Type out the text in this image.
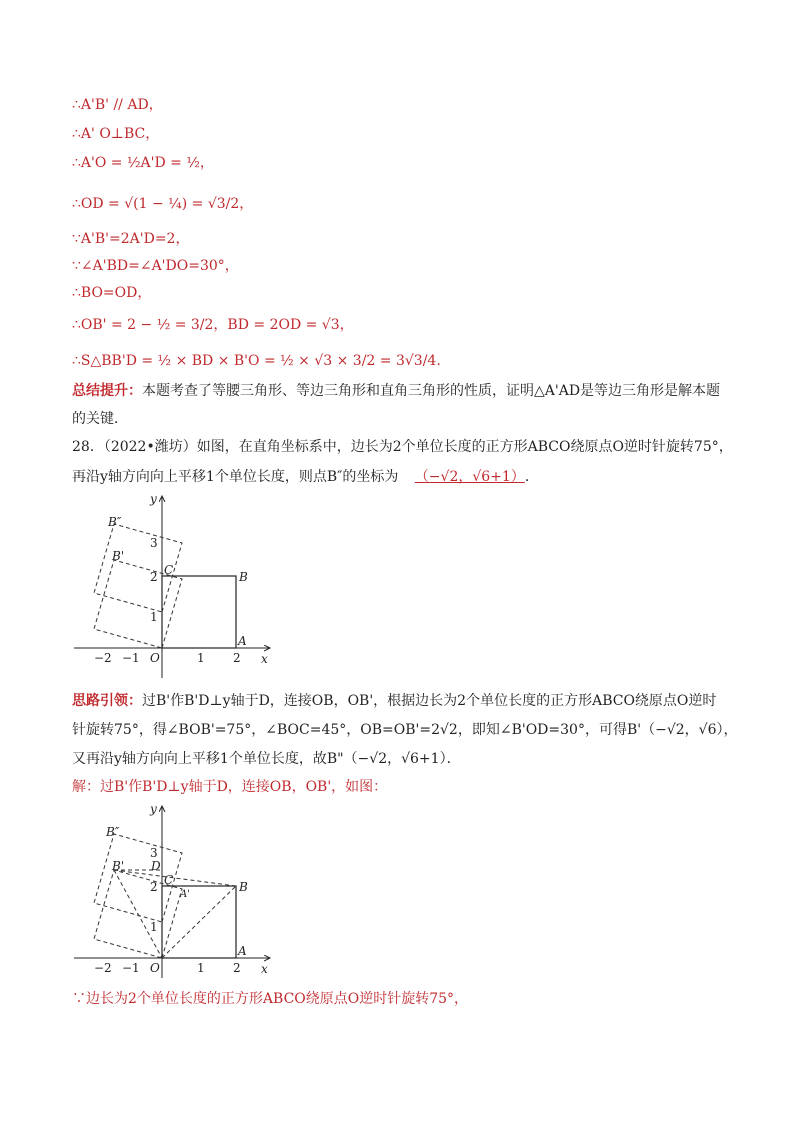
∴A'B' // AD，
∴A' O⊥BC，
∴A'O = ½A'D = ½，
∴OD = √(1 − ¼) = √3/2，
∵A'B'=2A'D=2，
∵∠A'BD=∠A'DO=30°，
∴BO=OD，
∴OB' = 2 − ½ = 3/2，BD = 2OD = √3，
∴S△BB'D = ½ × BD × B'O = ½ × √3 × 3/2 = 3√3/4.
总结提升：本题考查了等腰三角形、等边三角形和直角三角形的性质，证明△A'AD是等边三角形是解本题的关键．
28．（2022•潍坊）如图，在直角坐标系中，边长为2个单位长度的正方形ABCO绕原点O逆时针旋转75°，
再沿y轴方向向上平移1个单位长度，则点B″的坐标为 （−√2，√6+1）．
−2 −1	1 2
1
2
3
x
y
O
A
B
C
B'
B″
思路引领：过B'作B'D⊥y轴于D，连接OB，OB'，根据边长为2个单位长度的正方形ABCO绕原点O逆时
针旋转75°，得∠BOB'=75°，∠BOC=45°，OB=OB'=2√2，即知∠B'OD=30°，可得B'（−√2，√6），
又再沿y轴方向向上平移1个单位长度，故B"（−√2，√6+1）．
解：过B'作B'D⊥y轴于D，连接OB，OB'，如图：
−2 −1	1 2
1
2
3
x
y
O
A
B
C
B'
B″
D
A'
∵边长为2个单位长度的正方形ABCO绕原点O逆时针旋转75°，
